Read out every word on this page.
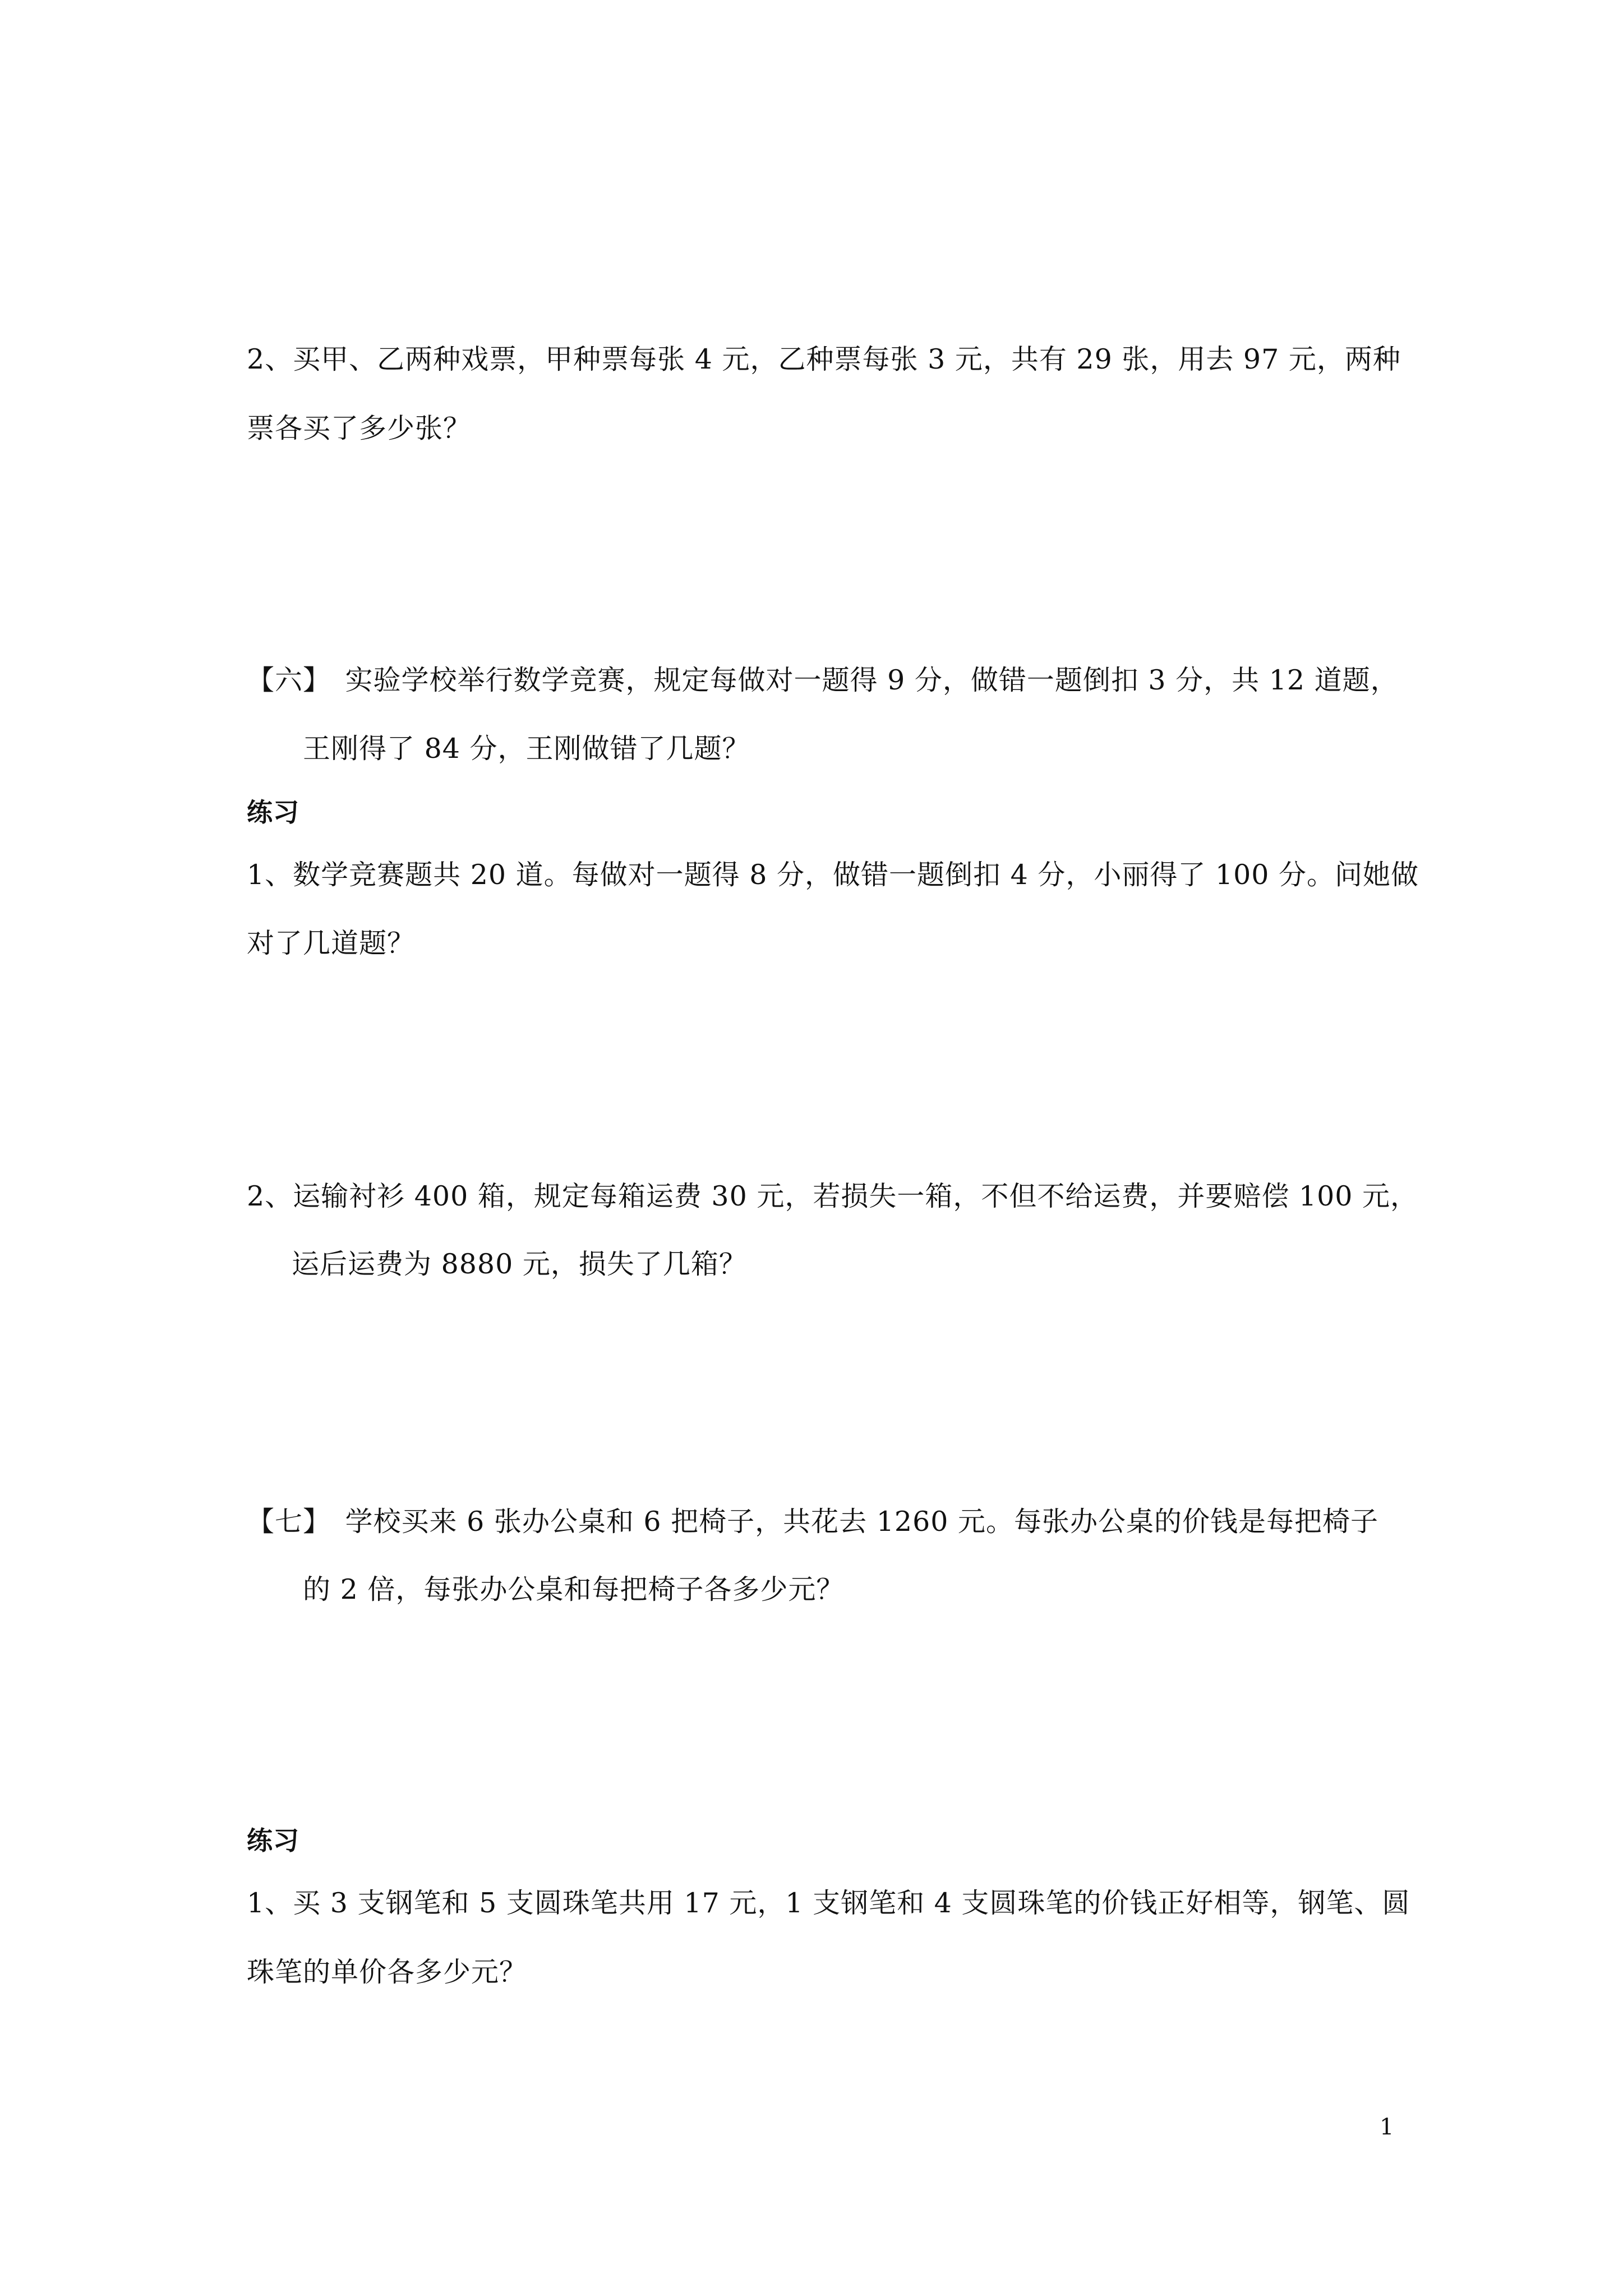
2、买甲、乙两种戏票，甲种票每张 4 元，乙种票每张 3 元，共有 29 张，用去 97 元，两种
票各买了多少张？
【六】　实验学校举行数学竞赛，规定每做对一题得 9 分，做错一题倒扣 3 分，共 12 道题，
王刚得了 84 分，王刚做错了几题？
练习
1、数学竞赛题共 20 道。每做对一题得 8 分，做错一题倒扣 4 分，小丽得了 100 分。问她做
对了几道题？
2、运输衬衫 400 箱，规定每箱运费 30 元，若损失一箱，不但不给运费，并要赔偿 100 元，
运后运费为 8880 元，损失了几箱？
【七】　学校买来 6 张办公桌和 6 把椅子，共花去 1260 元。每张办公桌的价钱是每把椅子
的 2 倍，每张办公桌和每把椅子各多少元？
练习
1、买 3 支钢笔和 5 支圆珠笔共用 17 元，1 支钢笔和 4 支圆珠笔的价钱正好相等，钢笔、圆
珠笔的单价各多少元？
1
